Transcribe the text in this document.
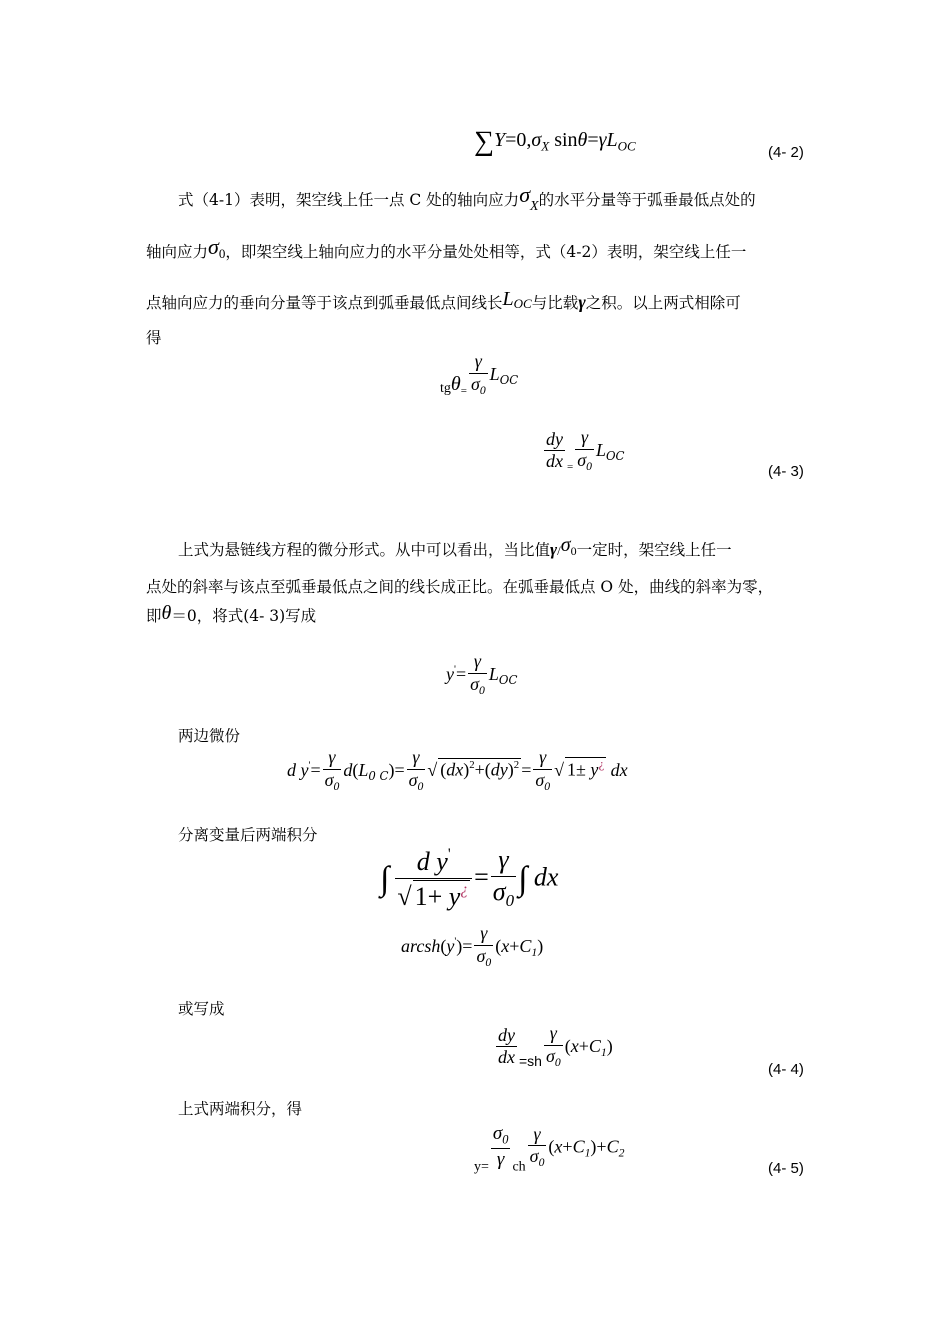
$\sum Y=0,\sigma_X$ $\sin\theta=\gamma L_{OC}$	(4- 2)
式（4-1）表明，架空线上任一点 C 处的轴向应力σX的水平分量等于弧垂最低点处的
轴向应力σ0，即架空线上轴向应力的水平分量处处相等，式（4-2）表明，架空线上任一
点轴向应力的垂向分量等于该点到弧垂最低点间线长LOC与比载γ之积。以上两式相除可
得
$_{tg}\theta_= \frac{\gamma}{\sigma_0} L_{OC}$
$\frac{dy}{dx} _= \frac{\gamma}{\sigma_0} L_{OC}$
(4- 3)
上式为悬链线方程的微分形式。从中可以看出，当比值γ/σ0一定时，架空线上任一
点处的斜率与该点至弧垂最低点之间的线长成正比。在弧垂最低点 O 处，曲线的斜率为零，
即θ＝0，将式(4- 3)写成
$y'= \frac{\gamma}{\sigma_0} L_{OC}$
两边微份
d $y'= \frac{\gamma}{\sigma_0} d(L_{0 C})= \frac{\gamma}{\sigma_0}$ √ $(dx)^2+(dy)^2 = \frac{\gamma}{\sigma_0}$ √ 1± y¿ dx
分离变量后两端积分
∫ $\frac{d y'}{√ 1+ y^¿} = \frac{\gamma}{\sigma_0}$ ∫ dx
arcsh(y')= $\frac{\gamma}{\sigma_0} (x+C_1)$
或写成
$\frac{dy}{dx} _{=sh} \frac{\gamma}{\sigma_0} (x+C_1)$
(4- 4)
上式两端积分，得
$_{y=} \frac{\sigma_0}{\gamma} _{ch} \frac{\gamma}{\sigma_0} (x+C_1)+C_2$
(4- 5)
